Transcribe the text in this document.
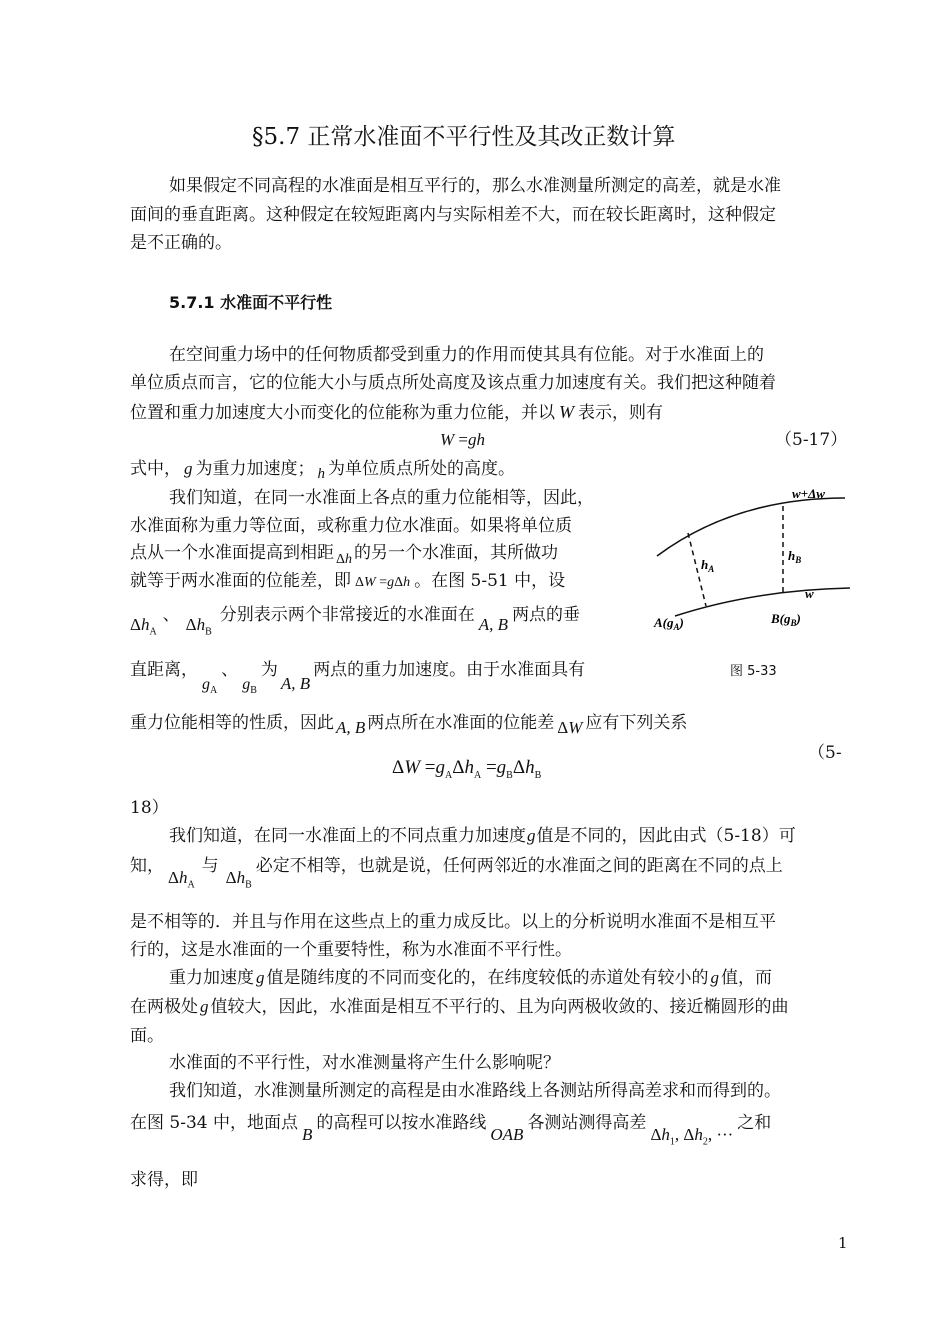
§5.7 正常水准面不平行性及其改正数计算
如果假定不同高程的水准面是相互平行的，那么水准测量所测定的高差，就是水准
面间的垂直距离。这种假定在较短距离内与实际相差不大，而在较长距离时，这种假定
是不正确的。
5.7.1 水准面不平行性
在空间重力场中的任何物质都受到重力的作用而使其具有位能。对于水准面上的
单位质点而言，它的位能大小与质点所处高度及该点重力加速度有关。我们把这种随着
位置和重力加速度大小而变化的位能称为重力位能，并以 W 表示，则有
W =gh	（5-17）
式中， g 为重力加速度； h 为单位质点所处的高度。
我们知道，在同一水准面上各点的重力位能相等，因此，
水准面称为重力等位面，或称重力位水准面。如果将单位质
点从一个水准面提高到相距 $_{\Delta h}$ 的另一个水准面，其所做功
就等于两水准面的位能差，即 ΔW =gΔh 。在图 5-51 中，设
$\Delta h_A$、 $\Delta h_B$分别表示两个非常接近的水准面在 A, B 两点的垂
直距离，$g_A$、$g_B$为A, B两点的重力加速度。由于水准面具有
重力位能相等的性质，因此 A, B 两点所在水准面的位能差 ΔW 应有下列关系
w+Δw
w
$h_A$
$h_B$
$A(g_A)$	$B(g_B)$
图 5-33
$\Delta W =g_A\Delta h_A =g_B\Delta h_B$
（5-
18）
我们知道，在同一水准面上的不同点重力加速度g值是不同的，因此由式（5-18）可
知，$\Delta h_A$与$\Delta h_B$必定不相等，也就是说，任何两邻近的水准面之间的距离在不同的点上
是不相等的．并且与作用在这些点上的重力成反比。以上的分析说明水准面不是相互平
行的，这是水准面的一个重要特性，称为水准面不平行性。
重力加速度 g 值是随纬度的不同而变化的，在纬度较低的赤道处有较小的 g 值，而
在两极处 g 值较大，因此，水准面是相互不平行的、且为向两极收敛的、接近椭圆形的曲
面。
水准面的不平行性，对水准测量将产生什么影响呢？
我们知道，水准测量所测定的高程是由水准路线上各测站所得高差求和而得到的。
在图 5-34 中，地面点B的高程可以按水准路线OAB各测站测得高差$\Delta h_1$, $\Delta h_2$, ···之和
求得，即
1
